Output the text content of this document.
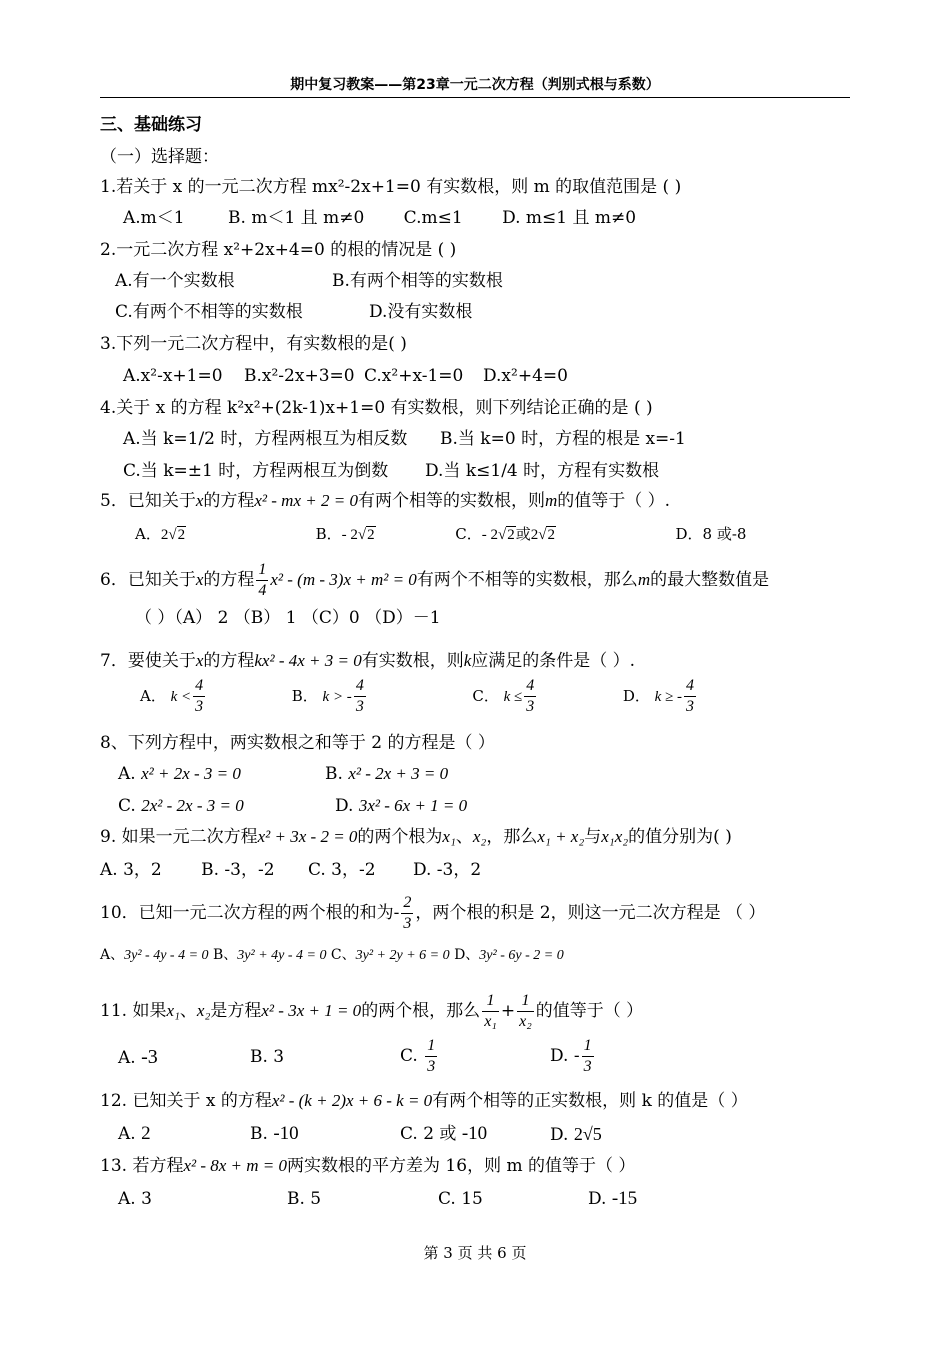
期中复习教案——第23章一元二次方程（判别式根与系数）
三、基础练习
（一）选择题：
1.若关于 x 的一元二次方程 mx²-2x+1=0 有实数根，则 m 的取值范围是 ( )
A.m＜1	B. m＜1 且 m≠0 C.m≤1 D. m≤1 且 m≠0
2.一元二次方程 x²+2x+4=0 的根的情况是 ( )
A.有一个实数根	B.有两个相等的实数根
C.有两个不相等的实数根	D.没有实数根
3.下列一元二次方程中，有实数根的是( )
A.x²-x+1=0 B.x²-2x+3=0 C.x²+x-1=0 D.x²+4=0
4.关于 x 的方程 k²x²+(2k-1)x+1=0 有实数根，则下列结论正确的是 ( )
A.当 k=1/2 时，方程两根互为相反数 B.当 k=0 时，方程的根是 x=-1
C.当 k=±1 时，方程两根互为倒数 D.当 k≤1/4 时，方程有实数根
5．已知关于x的方程x² - mx + 2 = 0有两个相等的实数根，则m的值等于（ ）.
A．2√2	B．- 2√2	C．- 2√2或2√2	D．8 或-8
6．已知关于x的方程 $\frac{1}{4} x^2 - (m - 3)x + m^2 = 0$有两个不相等的实数根，那么m的最大整数值是
（ ）（A） 2 （B） 1 （C）0 （D）－1
7．要使关于x的方程kx² - 4x + 3 = 0有实数根，则k应满足的条件是（ ）.
A． $k < \frac{4}{3}$	B． k > - $\frac{4}{3}$	C． $k \le \frac{4}{3}$	D． k ≥ - $\frac{4}{3}$
8、下列方程中，两实数根之和等于 2 的方程是（ ）
A. x² + 2x - 3 = 0	B. x² - 2x + 3 = 0
C. 2x² - 2x - 3 = 0	D. 3x² - 6x + 1 = 0
9. 如果一元二次方程x² + 3x - 2 = 0的两个根为x₁、x₂，那么x₁ + x₂与x₁x₂的值分别为( )
A. 3，2 B. -3，-2 C. 3，-2 D. -3，2
10．已知一元二次方程的两个根的和为- $\frac{2}{3}$ ，两个根的积是 2，则这一元二次方程是 （ ）
A、3y² - 4y - 4 = 0 B、3y² + 4y - 4 = 0 C、3y² + 2y + 6 = 0 D、3y² - 6y - 2 = 0
11. 如果x₁、x₂是方程x² - 3x + 1 = 0的两个根，那么 $\frac{1}{\text{x₁}} + \frac{1}{\text{x₂}}$ 的值等于（ ）
A. -3	B. 3	C. $\frac{1}{3}$	D. - $\frac{1}{3}$
12. 已知关于 x 的方程x² - (k + 2)x + 6 - k = 0有两个相等的正实数根，则 k 的值是（ ）
A. 2	B. -10	C. 2 或 -10	D. 2√5
13. 若方程x² - 8x + m = 0两实数根的平方差为 16，则 m 的值等于（ ）
A. 3	B. 5	C. 15	D. -15
第 3 页 共 6 页
